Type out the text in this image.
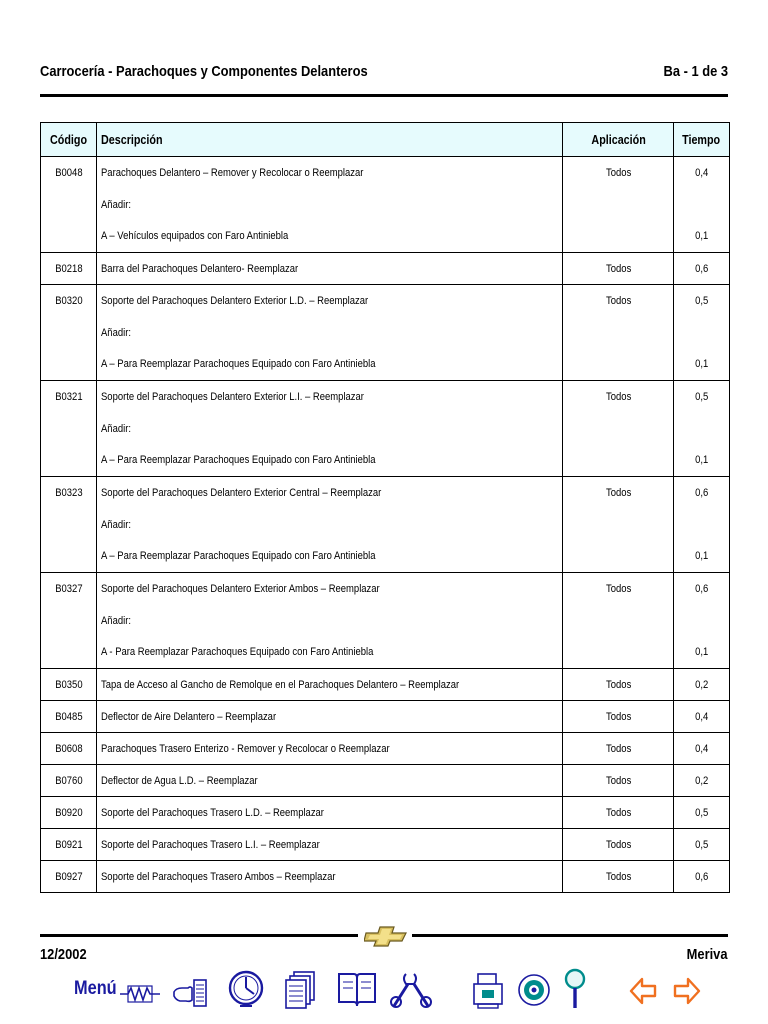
Carrocería - Parachoques y Componentes Delanteros	Ba - 1 de 3
Código	Descripción	Aplicación	Tiempo
B0048	Parachoques Delantero – Remover y Recolocar o Reemplazar	Todos	0,4
	Añadir:		
	A – Vehículos equipados con Faro Antiniebla		0,1
B0218	Barra del Parachoques Delantero- Reemplazar	Todos	0,6
B0320	Soporte del Parachoques Delantero Exterior L.D. – Reemplazar	Todos	0,5
	Añadir:		
	A – Para Reemplazar Parachoques Equipado con Faro Antiniebla		0,1
B0321	Soporte del Parachoques Delantero Exterior L.I. – Reemplazar	Todos	0,5
	Añadir:		
	A – Para Reemplazar Parachoques Equipado con Faro Antiniebla		0,1
B0323	Soporte del Parachoques Delantero Exterior Central – Reemplazar	Todos	0,6
	Añadir:		
	A – Para Reemplazar Parachoques Equipado con Faro Antiniebla		0,1
B0327	Soporte del Parachoques Delantero Exterior Ambos – Reemplazar	Todos	0,6
	Añadir:		
	A - Para Reemplazar Parachoques Equipado con Faro Antiniebla		0,1
B0350	Tapa de Acceso al Gancho de Remolque en el Parachoques Delantero – Reemplazar	Todos	0,2
B0485	Deflector de Aire Delantero – Reemplazar	Todos	0,4
B0608	Parachoques Trasero Enterizo - Remover y Recolocar o Reemplazar	Todos	0,4
B0760	Deflector de Agua L.D. – Reemplazar	Todos	0,2
B0920	Soporte del Parachoques Trasero L.D. – Reemplazar	Todos	0,5
B0921	Soporte del Parachoques Trasero L.I. – Reemplazar	Todos	0,5
B0927	Soporte del Parachoques Trasero Ambos – Reemplazar	Todos	0,6
12/2002	Meriva
Menú
